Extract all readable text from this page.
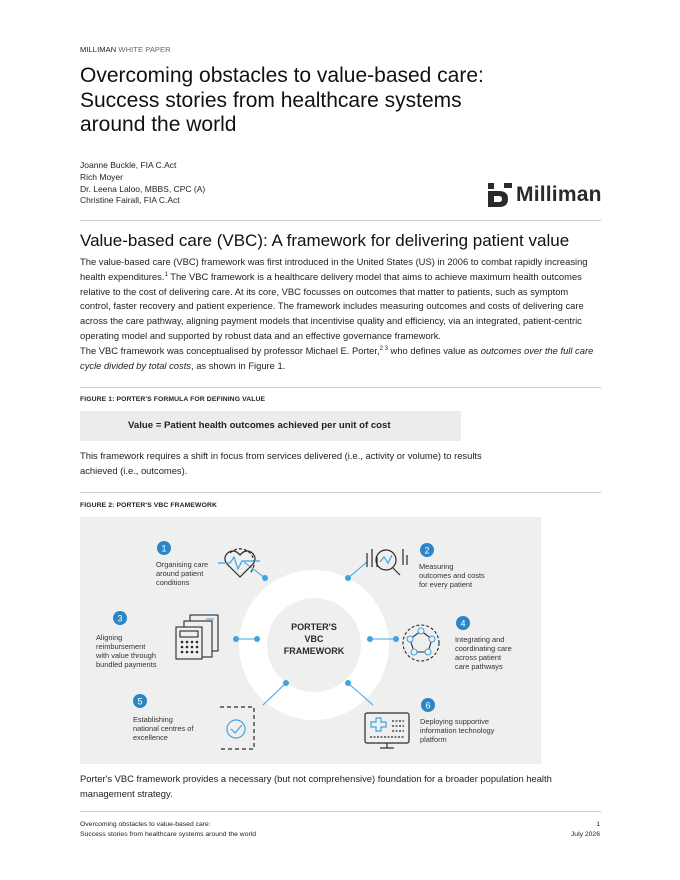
MILLIMAN WHITE PAPER
Overcoming obstacles to value-based care:
Success stories from healthcare systems
around the world
Joanne Buckle, FIA C.Act
Rich Moyer
Dr. Leena Laloo, MBBS, CPC (A)
Christine Fairall, FIA C.Act	Milliman
Value-based care (VBC): A framework for delivering patient value

The value-based care (VBC) framework was first introduced in the United States (US) in 2006 to combat rapidly increasing health expenditures.$^1$ The VBC framework is a healthcare delivery model that aims to achieve maximum health outcomes relative to the cost of delivering care. At its core, VBC focusses on outcomes that matter to patients, such as symptom control, faster recovery and patient experience. The framework includes measuring outcomes and costs of delivering care across the care pathway, aligning payment models that incentivise quality and efficiency, via an integrated, patient-centric operating model and supported by robust data and an effective governance framework.

The VBC framework was conceptualised by professor Michael E. Porter,$^{2 3}$ who defines value as outcomes over the full care cycle divided by total costs, as shown in Figure 1.

FIGURE 1: PORTER'S FORMULA FOR DEFINING VALUE
Value = Patient health outcomes achieved per unit of cost

This framework requires a shift in focus from services delivered (i.e., activity or volume) to results achieved (i.e., outcomes).

FIGURE 2: PORTER'S VBC FRAMEWORK
PORTER'S
VBC
FRAMEWORK
1	2
3	4
5	6
Organising care
around patient
conditions
Measuring
outcomes and costs
for every patient
Aligning
reimbursement
with value through
bundled payments
Integrating and
coordinating care
across patient
care pathways
Establishing
national centres of
excellence
Deploying supportive
information technology
platform

Porter's VBC framework provides a necessary (but not comprehensive) foundation for a broader population health management strategy.

Overcoming obstacles to value-based care:
Success stories from healthcare systems around the world
1
July 2026
